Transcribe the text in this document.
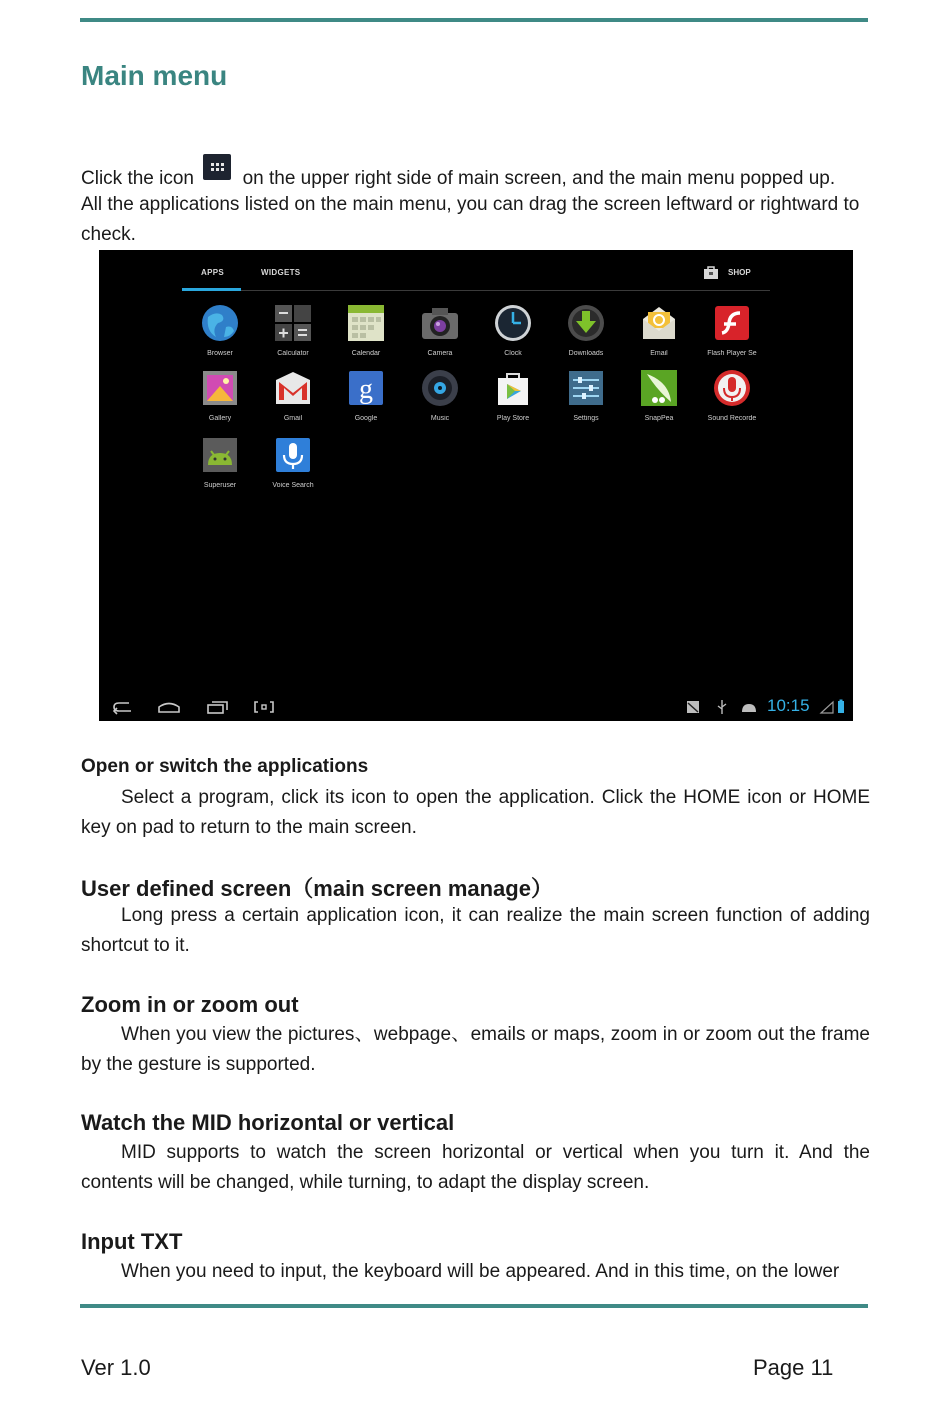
Main menu
Click the icon	on the upper right side of main screen, and the main menu popped up.
All the applications listed on the main menu, you can drag the screen leftward or rightward to check.
APPS	WIDGETS	SHOP
Browser	Calculator	Calendar	Camera	Clock	Downloads	Email	Flash Player Se
Gallery	Gmail
g
Google	Music	Play Store	Settings	SnapPea	Sound Recorde
Superuser	Voice Search
10:15
Open or switch the applications
Select a program, click its icon to open the application. Click the HOME icon or HOME key on pad to return to the main screen.
User defined screen（main screen manage）
Long press a certain application icon, it can realize the main screen function of adding shortcut to it.
Zoom in or zoom out
When you view the pictures、webpage、emails or maps, zoom in or zoom out the frame by the gesture is supported.
Watch the MID horizontal or vertical
MID supports to watch the screen horizontal or vertical when you turn it. And the contents will be changed, while turning, to adapt the display screen.
Input TXT
When you need to input, the keyboard will be appeared. And in this time, on the lower
Ver 1.0	Page 11
